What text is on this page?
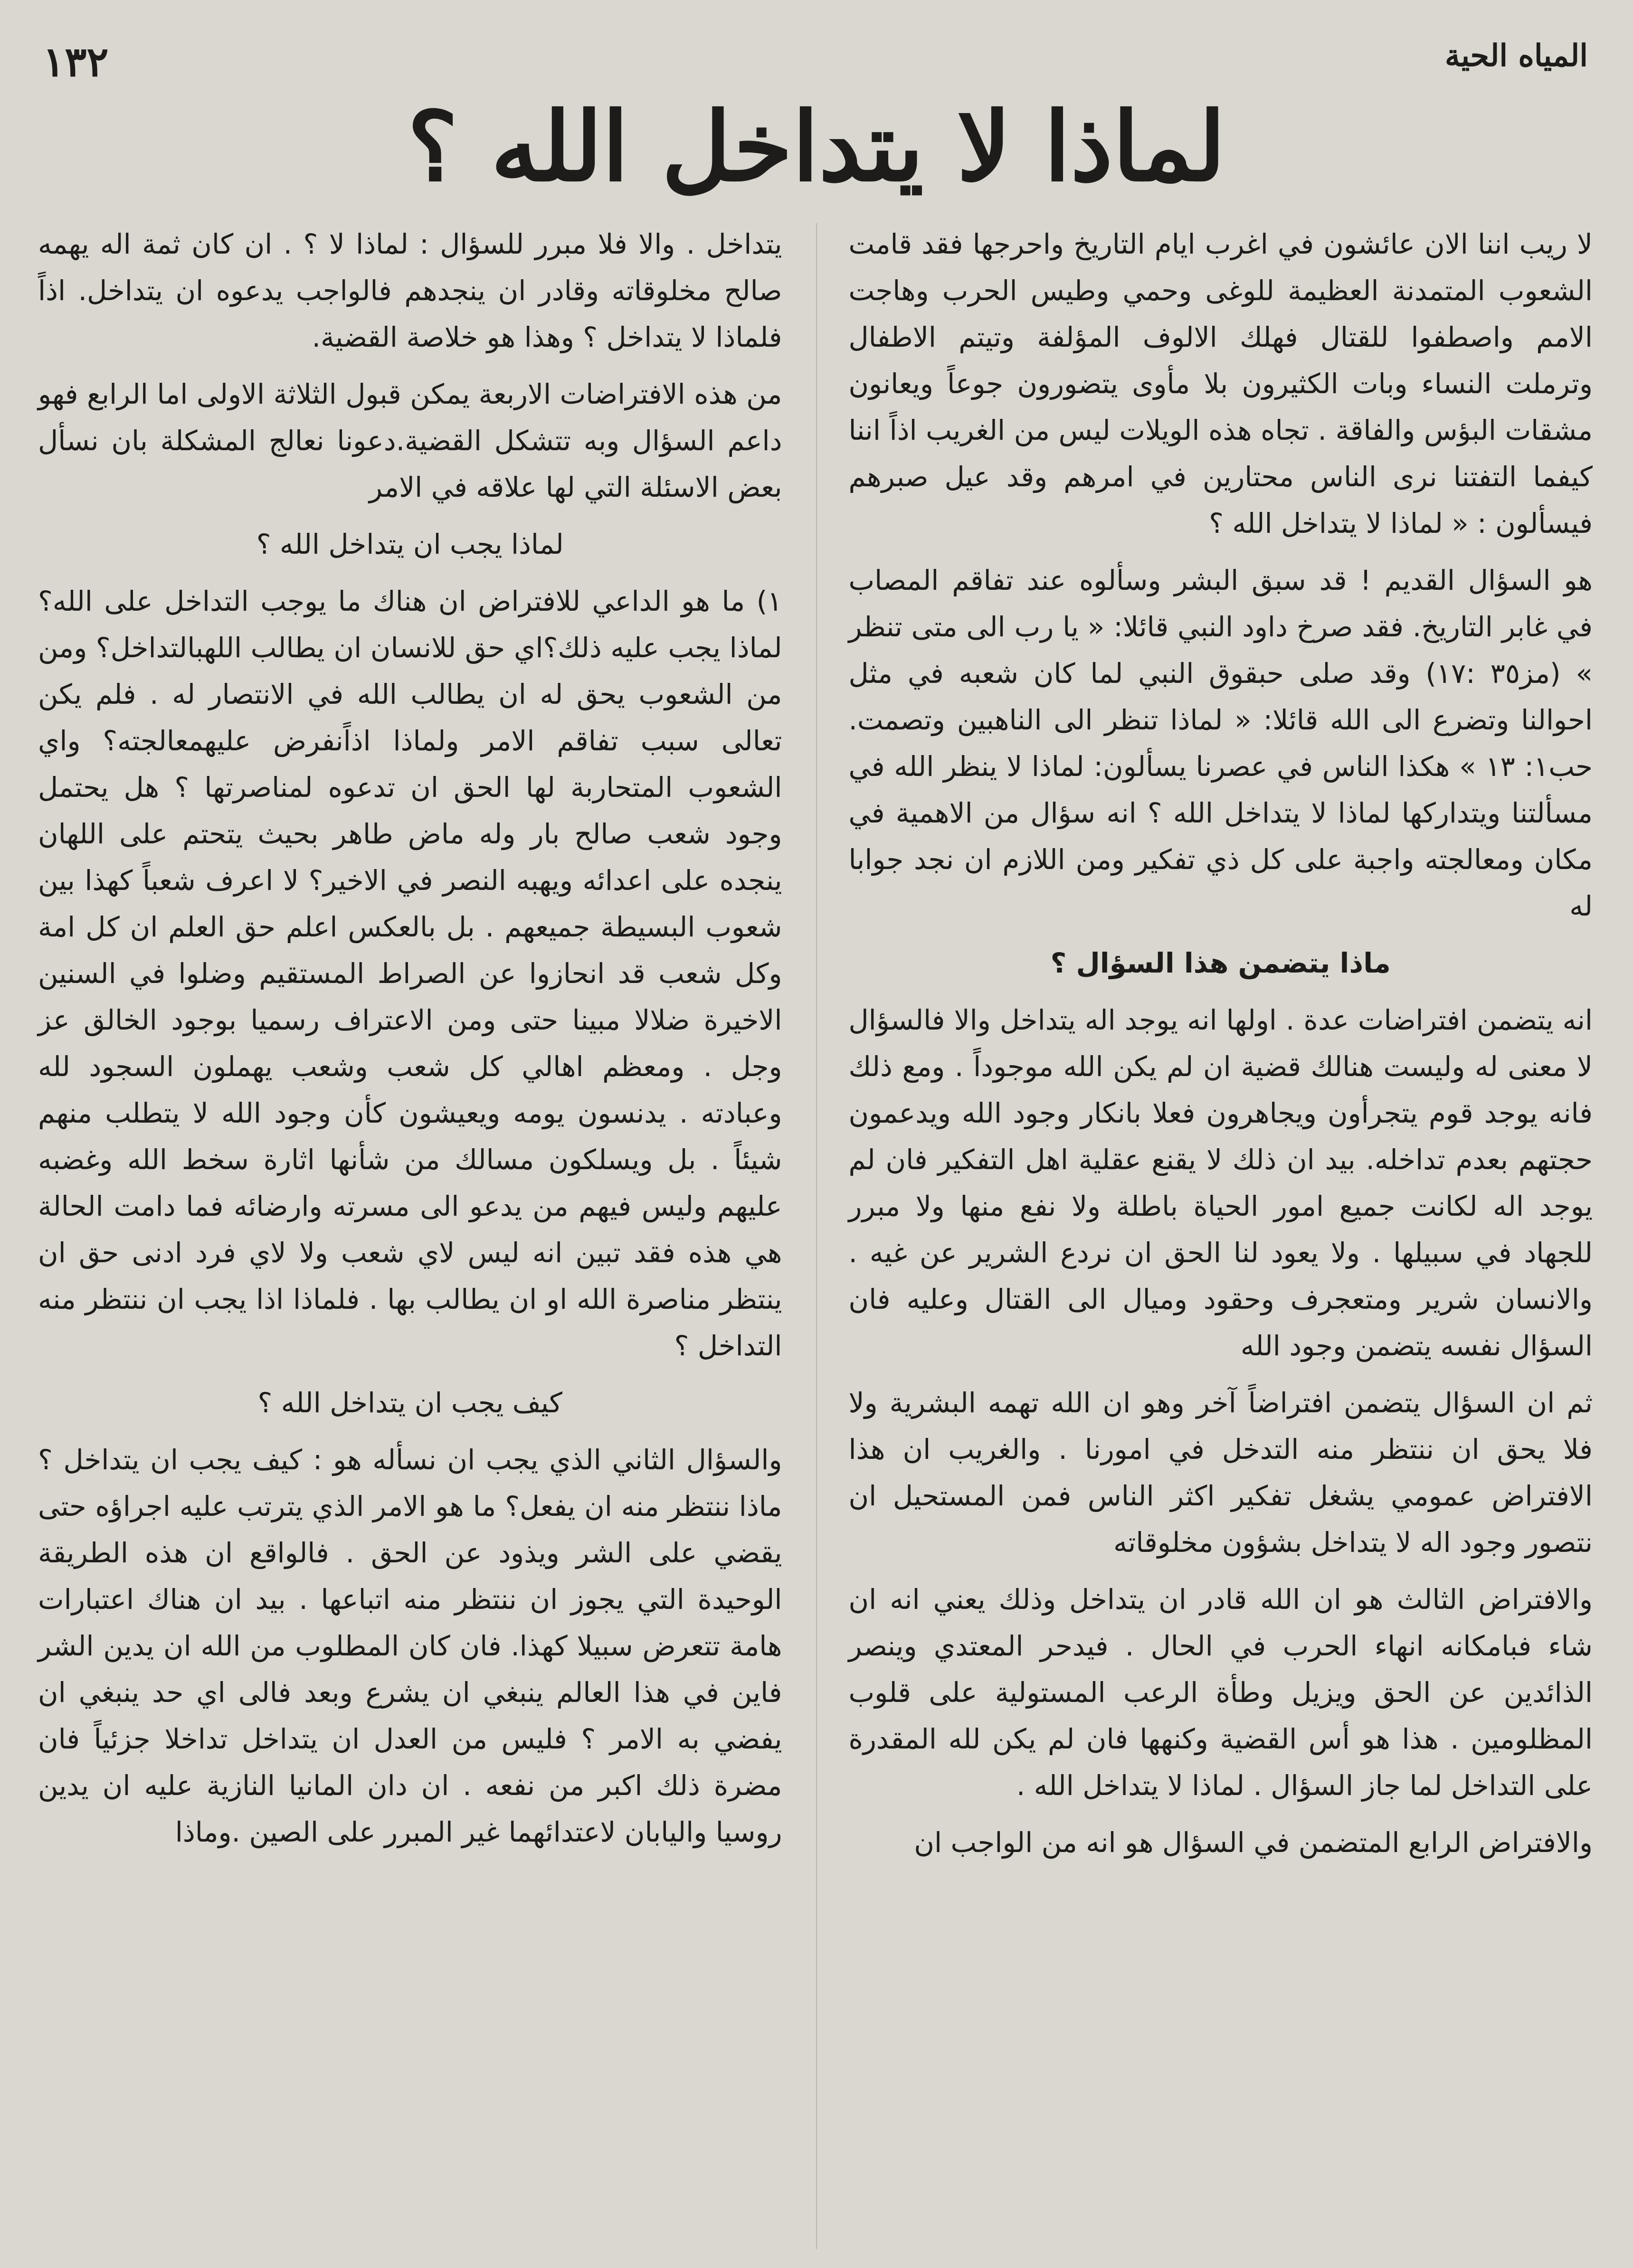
المياه الحية
١٣٢
لماذا لا يتداخل الله ؟

لا ريب اننا الان عائشون في اغرب ايام التاريخ واحرجها فقد قامت الشعوب المتمدنة العظيمة للوغى وحمي وطيس الحرب وهاجت الامم واصطفوا للقتال فهلك الالوف المؤلفة وتيتم الاطفال وترملت النساء وبات الكثيرون بلا مأوى يتضورون جوعاً ويعانون مشقات البؤس والفاقة . تجاه هذه الويلات ليس من الغريب اذاً اننا كيفما التفتنا نرى الناس محتارين في امرهم وقد عيل صبرهم فيسألون : « لماذا لا يتداخل الله ؟

هو السؤال القديم ! قد سبق البشر وسألوه عند تفاقم المصاب في غابر التاريخ. فقد صرخ داود النبي قائلا: « يا رب الى متى تنظر » (مز٣٥ :١٧) وقد صلى حبقوق النبي لما كان شعبه في مثل احوالنا وتضرع الى الله قائلا: « لماذا تنظر الى الناهبين وتصمت. حب١: ١٣ » هكذا الناس في عصرنا يسألون: لماذا لا ينظر الله في مسألتنا ويتدارکها لماذا لا يتداخل الله ؟ انه سؤال من الاهمية في مكان ومعالجته واجبة على كل ذي تفكير ومن اللازم ان نجد جوابا له

ماذا يتضمن هذا السؤال ؟

انه يتضمن افتراضات عدة . اولها انه يوجد اله يتداخل والا فالسؤال لا معنى له وليست هنالك قضية ان لم يكن الله موجوداً . ومع ذلك فانه يوجد قوم يتجرأون ويجاهرون فعلا بانكار وجود الله ويدعمون حجتهم بعدم تداخله. بيد ان ذلك لا يقنع عقلية اهل التفكير فان لم يوجد اله لكانت جميع امور الحياة باطلة ولا نفع منها ولا مبرر للجهاد في سبيلها . ولا يعود لنا الحق ان نردع الشرير عن غيه . والانسان شرير ومتعجرف وحقود وميال الى القتال وعليه فان السؤال نفسه يتضمن وجود الله

ثم ان السؤال يتضمن افتراضاً آخر وهو ان الله تهمه البشرية ولا فلا يحق ان ننتظر منه التدخل في امورنا . والغريب ان هذا الافتراض عمومي يشغل تفكير اكثر الناس فمن المستحيل ان نتصور وجود اله لا يتداخل بشؤون مخلوقاته

والافتراض الثالث هو ان الله قادر ان يتداخل وذلك يعني انه ان شاء فبامكانه انهاء الحرب في الحال . فيدحر المعتدي وينصر الذائدين عن الحق ويزيل وطأة الرعب المستولية على قلوب المظلومين . هذا هو أس القضية وكنهها فان لم يكن لله المقدرة على التداخل لما جاز السؤال . لماذا لا يتداخل الله .

والافتراض الرابع المتضمن في السؤال هو انه من الواجب ان

يتداخل . والا فلا مبرر للسؤال : لماذا لا ؟ . ان كان ثمة اله يهمه صالح مخلوقاته وقادر ان ينجدهم فالواجب يدعوه ان يتداخل. اذاً فلماذا لا يتداخل ؟ وهذا هو خلاصة القضية.

من هذه الافتراضات الاربعة يمكن قبول الثلاثة الاولى اما الرابع فهو داعم السؤال وبه تتشكل القضية.دعونا نعالج المشكلة بان نسأل بعض الاسئلة التي لها علاقه في الامر

لماذا يجب ان يتداخل الله ؟

١) ما هو الداعي للافتراض ان هناك ما يوجب التداخل على الله؟لماذا يجب عليه ذلك؟اي حق للانسان ان يطالب اللهبالتداخل؟ ومن من الشعوب يحق له ان يطالب الله في الانتصار له . فلم يكن تعالى سبب تفاقم الامر ولماذا اذاًنفرض عليهمعالجته؟ واي الشعوب المتحاربة لها الحق ان تدعوه لمناصرتها ؟ هل يحتمل وجود شعب صالح بار وله ماض طاهر بحيث يتحتم على اللهان ينجده على اعدائه ويهبه النصر في الاخير؟ لا اعرف شعباً كهذا بين شعوب البسيطة جميعهم . بل بالعكس اعلم حق العلم ان كل امة وكل شعب قد انحازوا عن الصراط المستقيم وضلوا في السنين الاخيرة ضلالا مبينا حتى ومن الاعتراف رسميا بوجود الخالق عز وجل . ومعظم اهالي كل شعب وشعب يهملون السجود لله وعبادته . يدنسون يومه ويعيشون كأن وجود الله لا يتطلب منهم شيئاً . بل ويسلكون مسالك من شأنها اثارة سخط الله وغضبه عليهم وليس فيهم من يدعو الى مسرته وارضائه فما دامت الحالة هي هذه فقد تبين انه ليس لاي شعب ولا لاي فرد ادنى حق ان ينتظر مناصرة الله او ان يطالب بها . فلماذا اذا يجب ان ننتظر منه التداخل ؟

كيف يجب ان يتداخل الله ؟

والسؤال الثاني الذي يجب ان نسأله هو : كيف يجب ان يتداخل ؟ ماذا ننتظر منه ان يفعل؟ ما هو الامر الذي يترتب عليه اجراؤه حتى يقضي على الشر ويذود عن الحق . فالواقع ان هذه الطريقة الوحيدة التي يجوز ان ننتظر منه اتباعها . بيد ان هناك اعتبارات هامة تتعرض سبيلا كهذا. فان كان المطلوب من الله ان يدين الشر فاين في هذا العالم ينبغي ان يشرع وبعد فالى اي حد ينبغي ان يفضي به الامر ؟ فليس من العدل ان يتداخل تداخلا جزئياً فان مضرة ذلك اكبر من نفعه . ان دان المانيا النازية عليه ان يدين روسيا واليابان لاعتدائهما غير المبرر على الصين .وماذا
